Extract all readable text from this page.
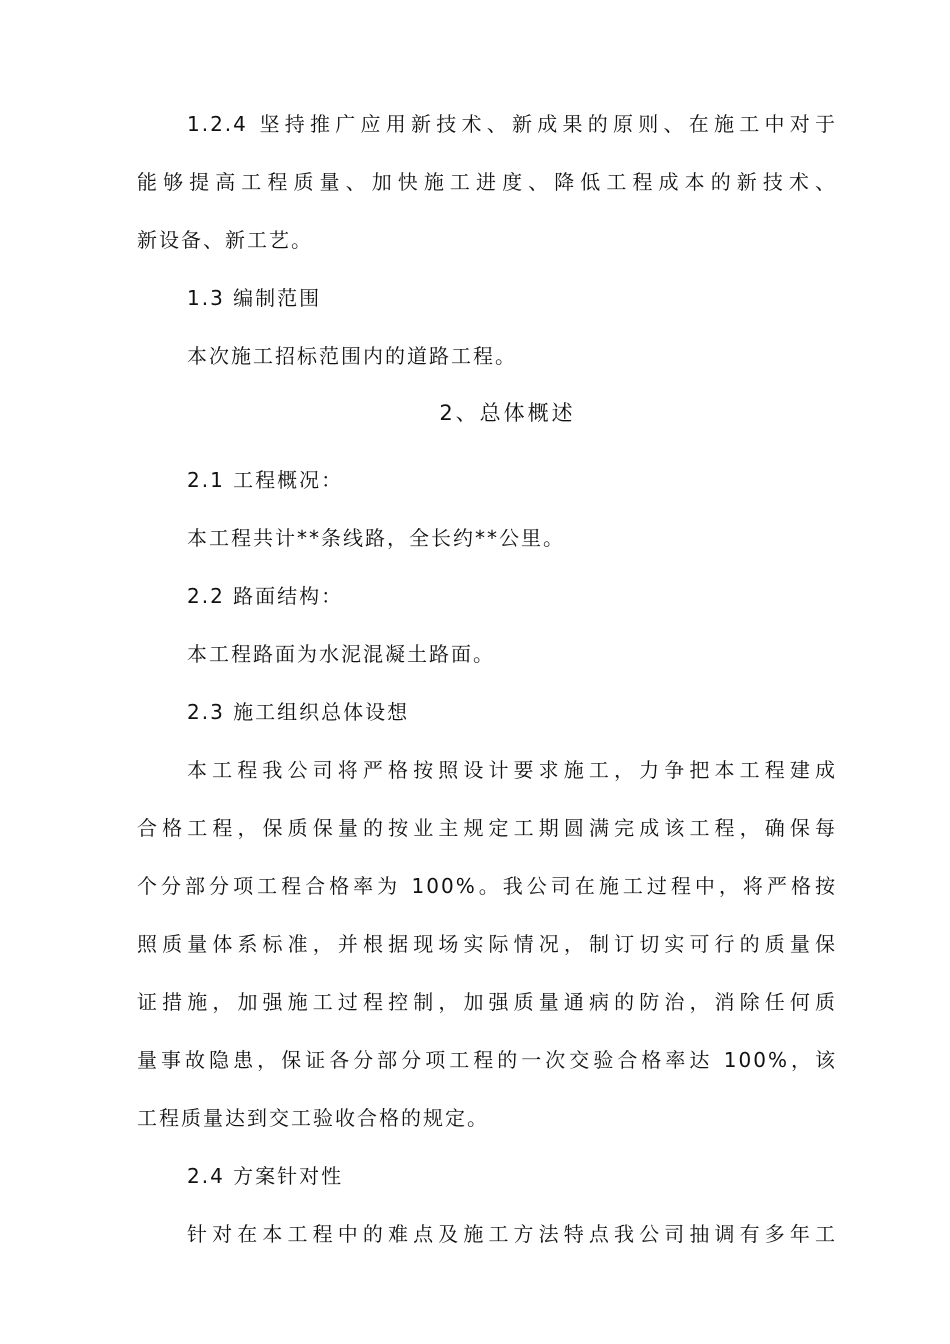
1.2.4 坚持推广应用新技术、新成果的原则、在施工中对于
能够提高工程质量、加快施工进度、降低工程成本的新技术、
新设备、新工艺。
1.3 编制范围
本次施工招标范围内的道路工程。
2、总体概述
2.1 工程概况：
本工程共计**条线路，全长约**公里。
2.2 路面结构：
本工程路面为水泥混凝土路面。
2.3 施工组织总体设想
本工程我公司将严格按照设计要求施工，力争把本工程建成
合格工程，保质保量的按业主规定工期圆满完成该工程，确保每
个分部分项工程合格率为 100%。我公司在施工过程中，将严格按
照质量体系标准，并根据现场实际情况，制订切实可行的质量保
证措施，加强施工过程控制，加强质量通病的防治，消除任何质
量事故隐患，保证各分部分项工程的一次交验合格率达 100%，该
工程质量达到交工验收合格的规定。
2.4 方案针对性
针对在本工程中的难点及施工方法特点我公司抽调有多年工
